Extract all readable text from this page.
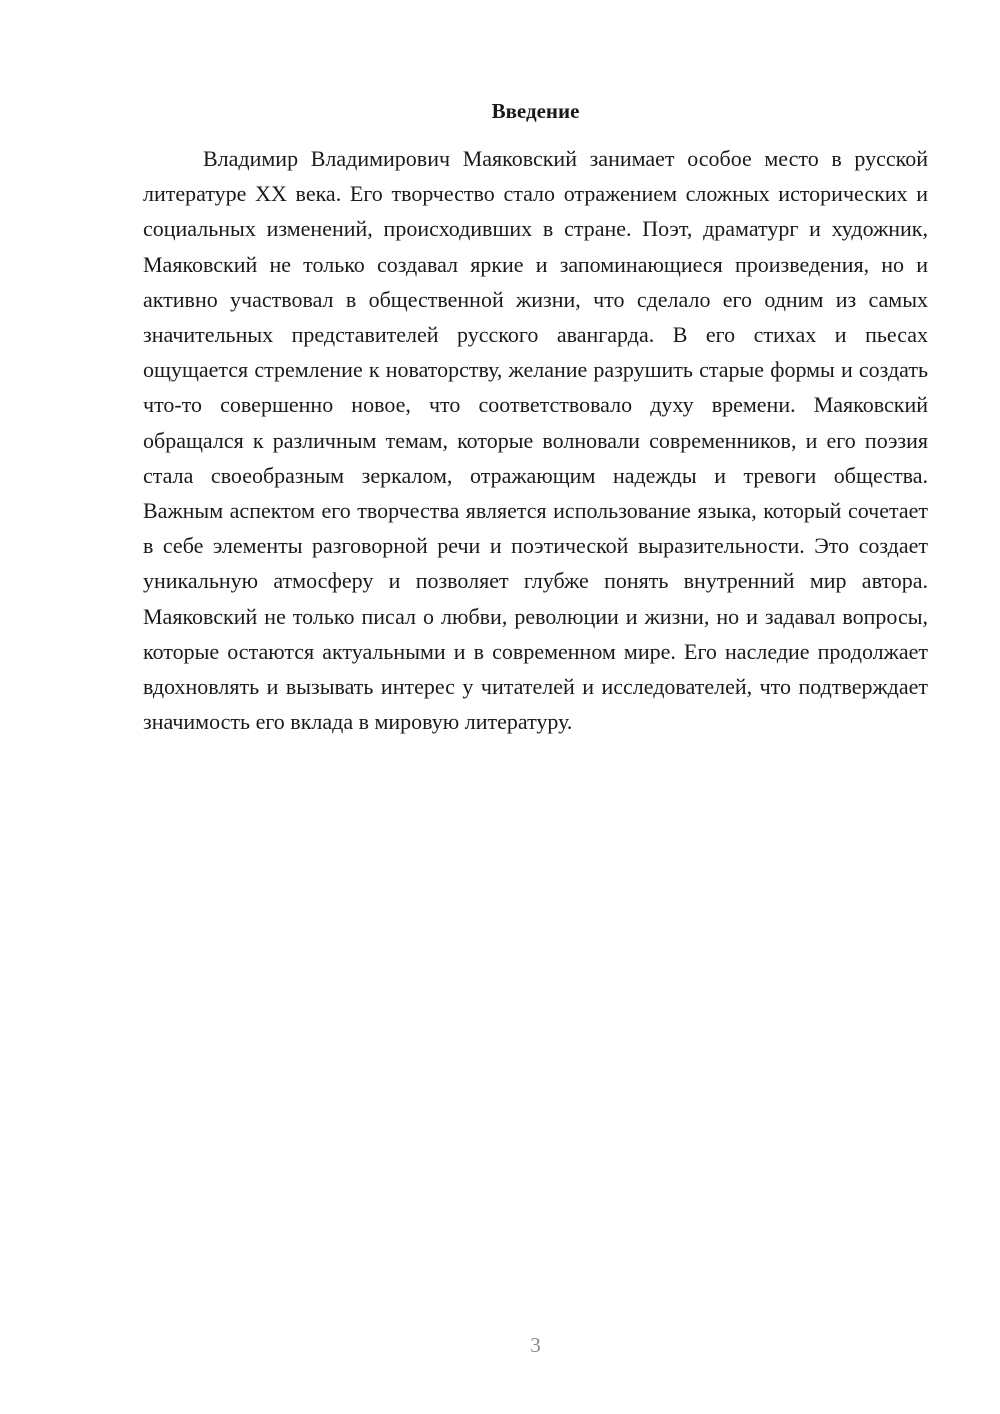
Введение

Владимир Владимирович Маяковский занимает особое место в русской литературе XX века. Его творчество стало отражением сложных исторических и социальных изменений, происходивших в стране. Поэт, драматург и художник, Маяковский не только создавал яркие и запоминающиеся произведения, но и активно участвовал в общественной жизни, что сделало его одним из самых значительных представителей русского авангарда. В его стихах и пьесах ощущается стремление к новаторству, желание разрушить старые формы и создать что-то совершенно новое, что соответствовало духу времени. Маяковский обращался к различным темам, которые волновали современников, и его поэзия стала своеобразным зеркалом, отражающим надежды и тревоги общества. Важным аспектом его творчества является использование языка, который сочетает в себе элементы разговорной речи и поэтической выразительности. Это создает уникальную атмосферу и позволяет глубже понять внутренний мир автора. Маяковский не только писал о любви, революции и жизни, но и задавал вопросы, которые остаются актуальными и в современном мире. Его наследие продолжает вдохновлять и вызывать интерес у читателей и исследователей, что подтверждает значимость его вклада в мировую литературу.

3
